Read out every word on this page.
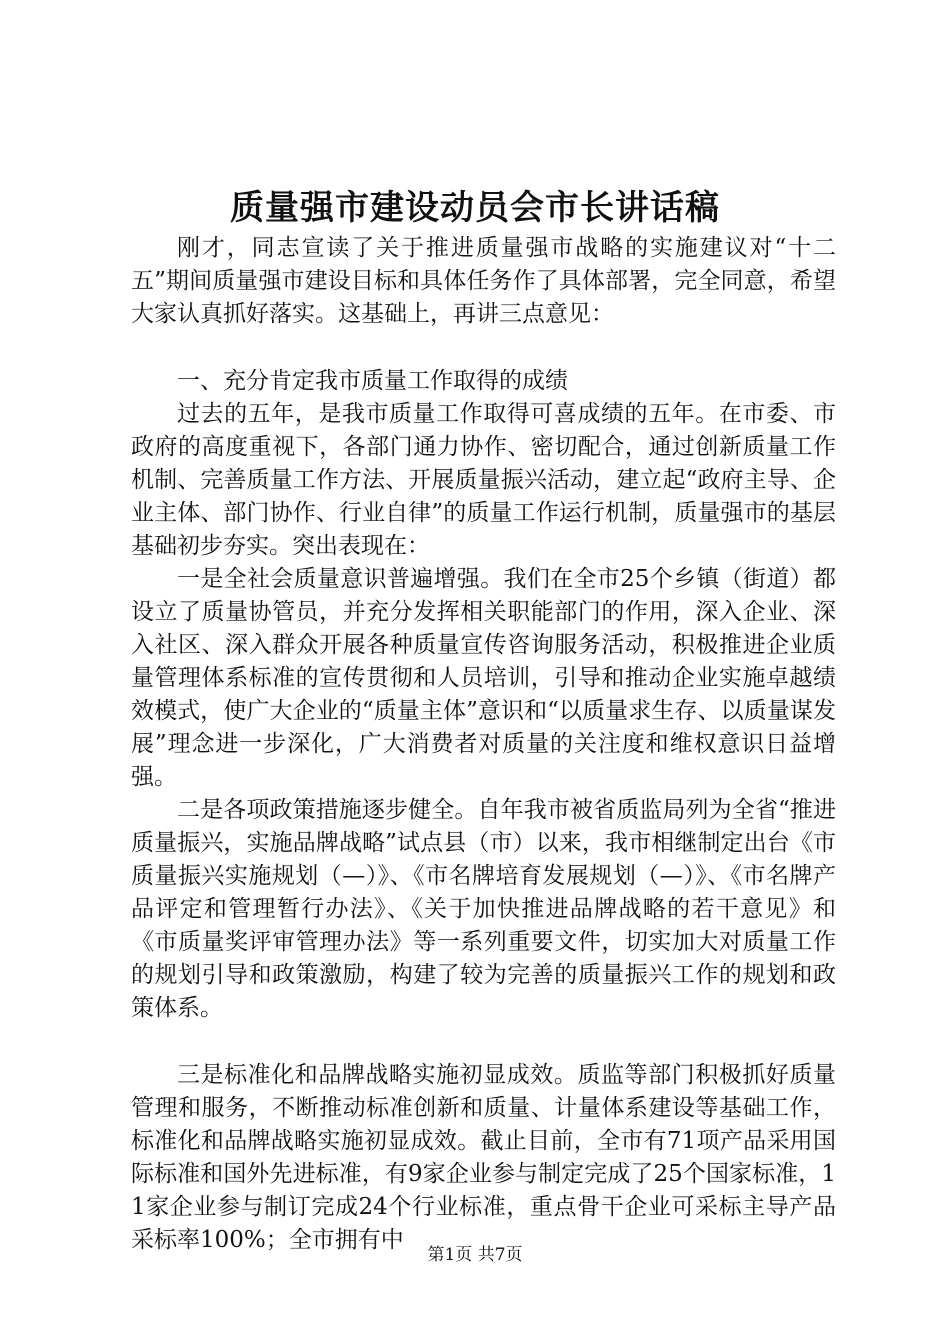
质量强市建设动员会市长讲话稿

刚才，同志宣读了关于推进质量强市战略的实施建议对“十二五”期间质量强市建设目标和具体任务作了具体部署，完全同意，希望大家认真抓好落实。这基础上，再讲三点意见：

一、充分肯定我市质量工作取得的成绩

过去的五年，是我市质量工作取得可喜成绩的五年。在市委、市政府的高度重视下，各部门通力协作、密切配合，通过创新质量工作机制、完善质量工作方法、开展质量振兴活动，建立起“政府主导、企业主体、部门协作、行业自律”的质量工作运行机制，质量强市的基层基础初步夯实。突出表现在：

一是全社会质量意识普遍增强。我们在全市25个乡镇（街道）都设立了质量协管员，并充分发挥相关职能部门的作用，深入企业、深入社区、深入群众开展各种质量宣传咨询服务活动，积极推进企业质量管理体系标准的宣传贯彻和人员培训，引导和推动企业实施卓越绩效模式，使广大企业的“质量主体”意识和“以质量求生存、以质量谋发展”理念进一步深化，广大消费者对质量的关注度和维权意识日益增强。

二是各项政策措施逐步健全。自年我市被省质监局列为全省“推进质量振兴，实施品牌战略”试点县（市）以来，我市相继制定出台《市质量振兴实施规划（—）》、《市名牌培育发展规划（—）》、《市名牌产品评定和管理暂行办法》、《关于加快推进品牌战略的若干意见》和《市质量奖评审管理办法》等一系列重要文件，切实加大对质量工作的规划引导和政策激励，构建了较为完善的质量振兴工作的规划和政策体系。

三是标准化和品牌战略实施初显成效。质监等部门积极抓好质量管理和服务，不断推动标准创新和质量、计量体系建设等基础工作，标准化和品牌战略实施初显成效。截止目前，全市有71项产品采用国际标准和国外先进标准，有9家企业参与制定完成了25个国家标准，11家企业参与制订完成24个行业标准，重点骨干企业可采标主导产品采标率100%；全市拥有中

第1页 共7页
